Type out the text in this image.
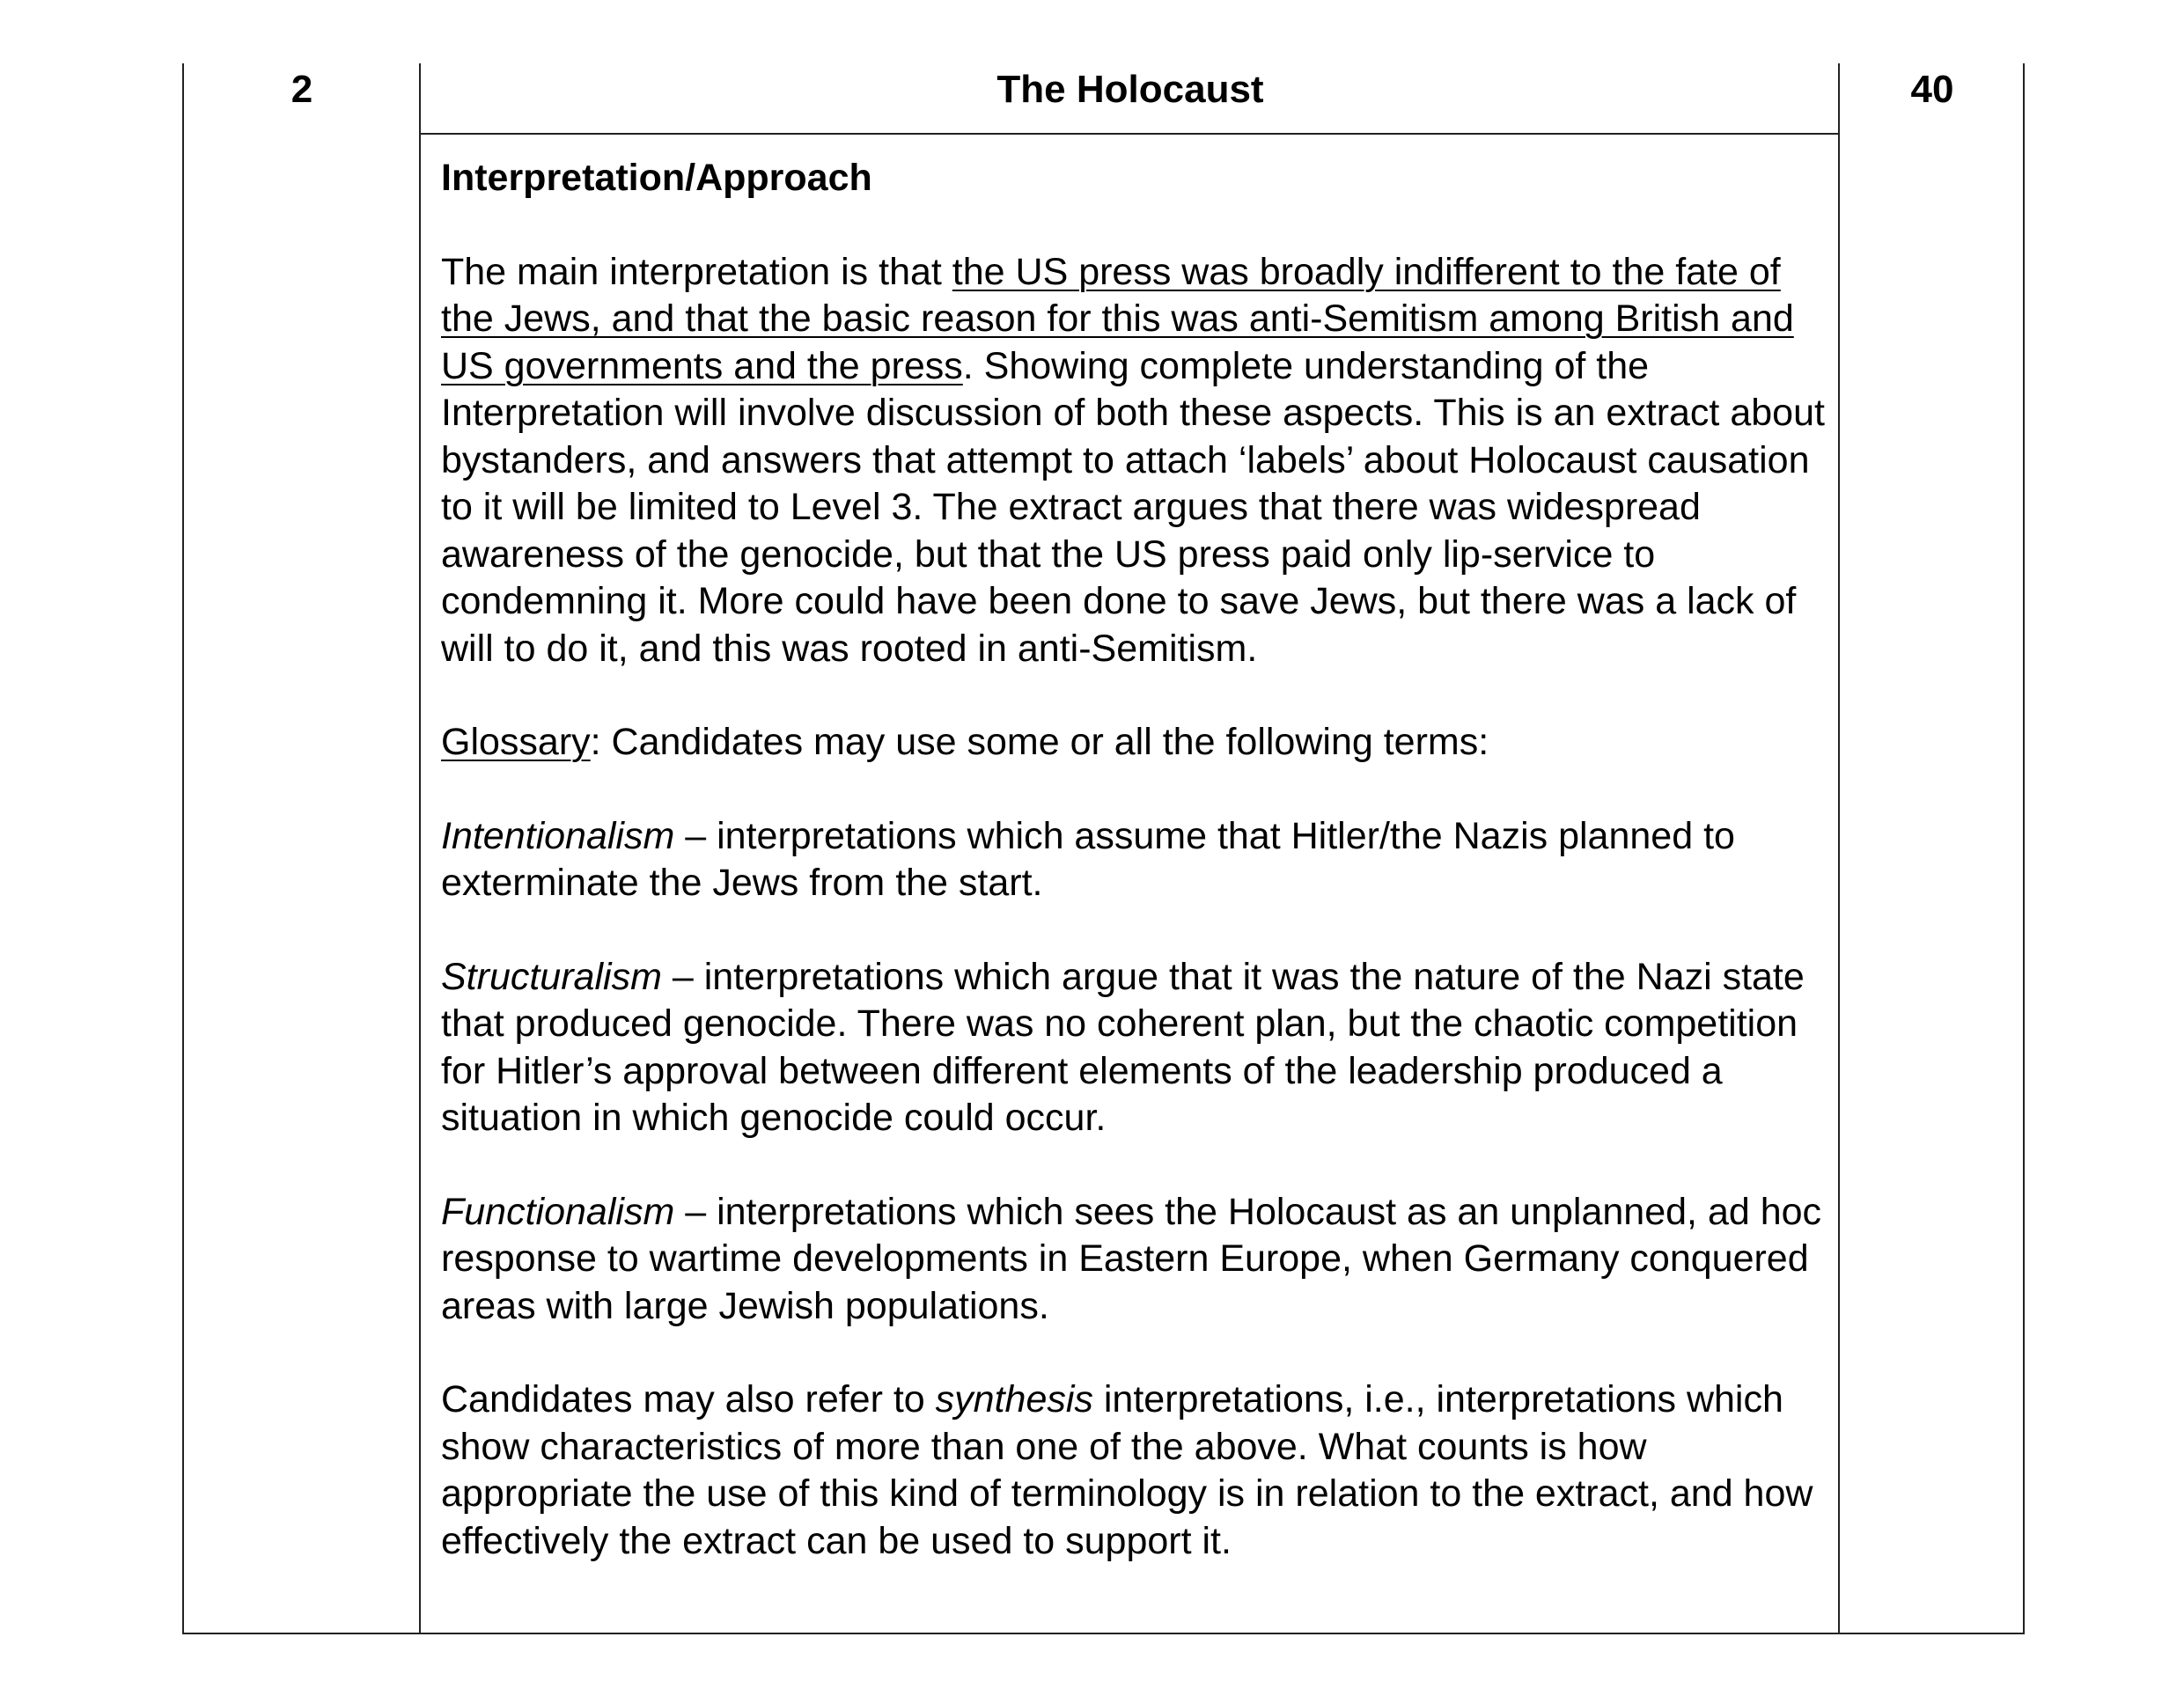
2	The Holocaust	40

Interpretation/Approach

The main interpretation is that the US press was broadly indifferent to the fate of the Jews, and that the basic reason for this was anti-Semitism among British and US governments and the press. Showing complete understanding of the Interpretation will involve discussion of both these aspects. This is an extract about bystanders, and answers that attempt to attach ‘labels’ about Holocaust causation to it will be limited to Level 3. The extract argues that there was widespread awareness of the genocide, but that the US press paid only lip-service to condemning it. More could have been done to save Jews, but there was a lack of will to do it, and this was rooted in anti-Semitism.

Glossary: Candidates may use some or all the following terms:

Intentionalism – interpretations which assume that Hitler/the Nazis planned to exterminate the Jews from the start.

Structuralism – interpretations which argue that it was the nature of the Nazi state that produced genocide. There was no coherent plan, but the chaotic competition for Hitler’s approval between different elements of the leadership produced a situation in which genocide could occur.

Functionalism – interpretations which sees the Holocaust as an unplanned, ad hoc response to wartime developments in Eastern Europe, when Germany conquered areas with large Jewish populations.

Candidates may also refer to synthesis interpretations, i.e., interpretations which show characteristics of more than one of the above. What counts is how appropriate the use of this kind of terminology is in relation to the extract, and how effectively the extract can be used to support it.
